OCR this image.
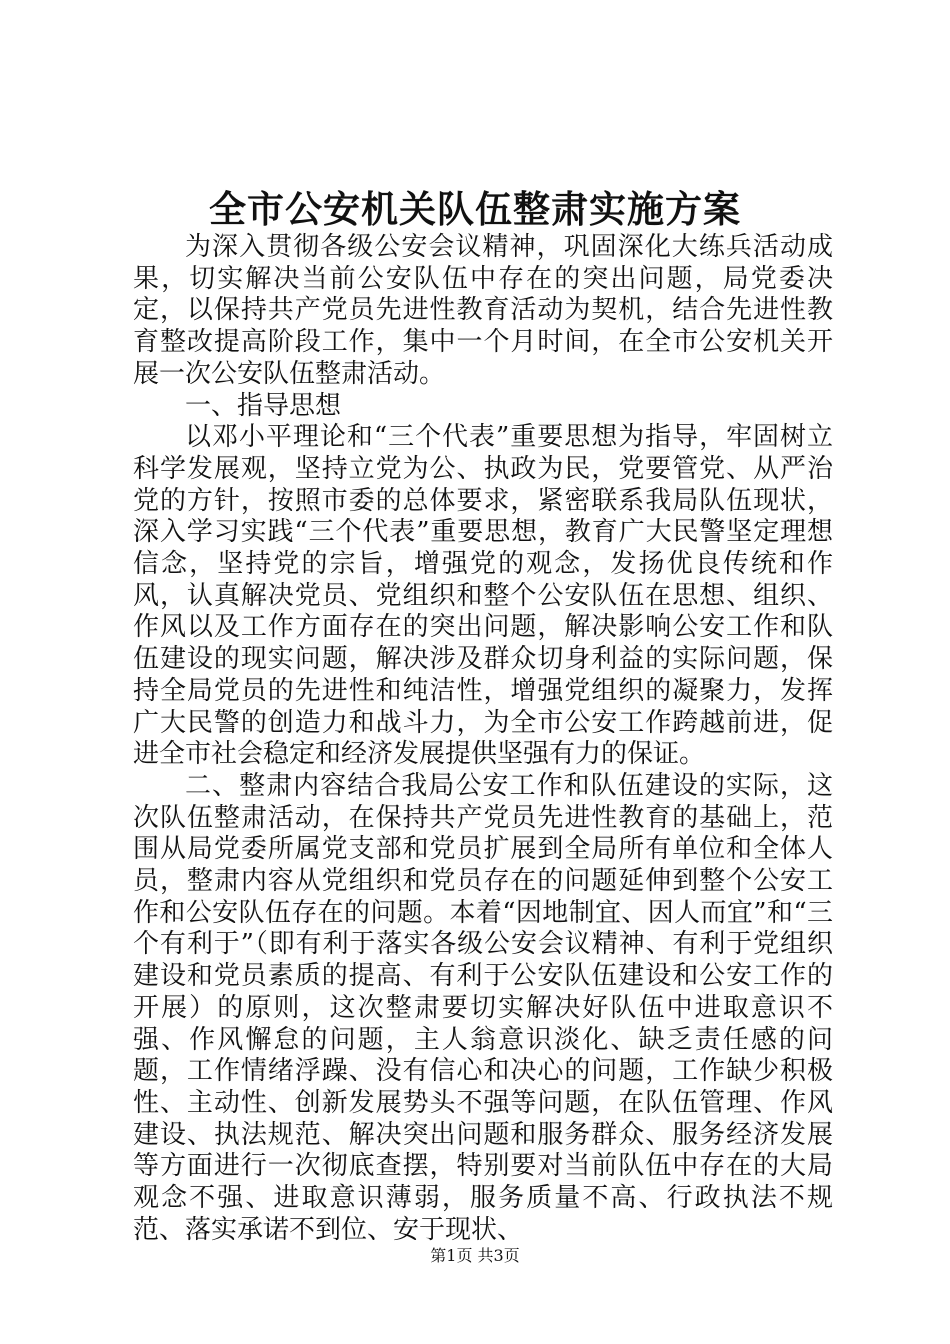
全市公安机关队伍整肃实施方案

为深入贯彻各级公安会议精神，巩固深化大练兵活动成果，切实解决当前公安队伍中存在的突出问题，局党委决定，以保持共产党员先进性教育活动为契机，结合先进性教育整改提高阶段工作，集中一个月时间，在全市公安机关开展一次公安队伍整肃活动。

一、指导思想

以邓小平理论和“三个代表”重要思想为指导，牢固树立科学发展观，坚持立党为公、执政为民，党要管党、从严治党的方针，按照市委的总体要求，紧密联系我局队伍现状，深入学习实践“三个代表”重要思想，教育广大民警坚定理想信念，坚持党的宗旨，增强党的观念，发扬优良传统和作风，认真解决党员、党组织和整个公安队伍在思想、组织、作风以及工作方面存在的突出问题，解决影响公安工作和队伍建设的现实问题，解决涉及群众切身利益的实际问题，保持全局党员的先进性和纯洁性，增强党组织的凝聚力，发挥广大民警的创造力和战斗力，为全市公安工作跨越前进，促进全市社会稳定和经济发展提供坚强有力的保证。

二、整肃内容结合我局公安工作和队伍建设的实际，这次队伍整肃活动，在保持共产党员先进性教育的基础上，范围从局党委所属党支部和党员扩展到全局所有单位和全体人员，整肃内容从党组织和党员存在的问题延伸到整个公安工作和公安队伍存在的问题。本着“因地制宜、因人而宜”和“三个有利于”（即有利于落实各级公安会议精神、有利于党组织建设和党员素质的提高、有利于公安队伍建设和公安工作的开展）的原则，这次整肃要切实解决好队伍中进取意识不强、作风懈怠的问题，主人翁意识淡化、缺乏责任感的问题，工作情绪浮躁、没有信心和决心的问题，工作缺少积极性、主动性、创新发展势头不强等问题，在队伍管理、作风建设、执法规范、解决突出问题和服务群众、服务经济发展等方面进行一次彻底查摆，特别要对当前队伍中存在的大局观念不强、进取意识薄弱，服务质量不高、行政执法不规范、落实承诺不到位、安于现状、

第1页 共3页
